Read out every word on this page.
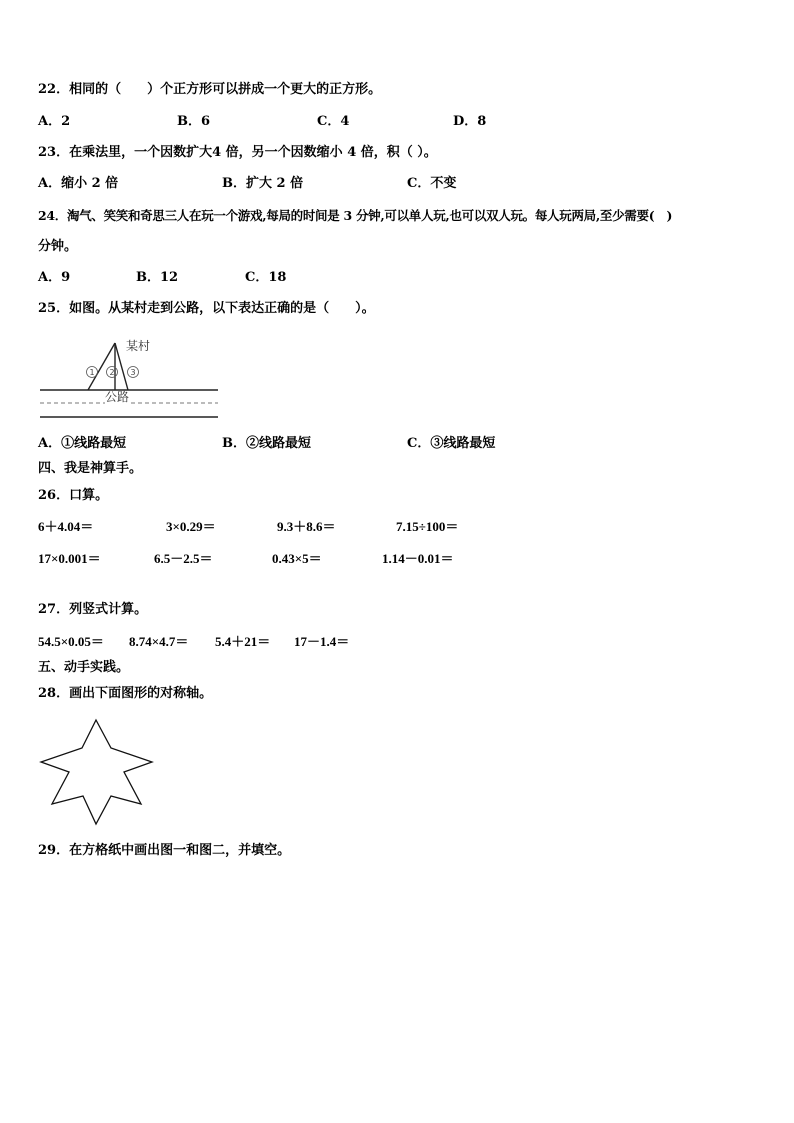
22．相同的（　　）个正方形可以拼成一个更大的正方形。
A．2	B．6	C．4	D．8
23．在乘法里，一个因数扩大4 倍，另一个因数缩小 4 倍，积（ ）。
A．缩小 2 倍	B．扩大 2 倍	C．不变
24．淘气、笑笑和奇思三人在玩一个游戏,每局的时间是 3 分钟,可以单人玩,也可以双人玩。每人玩两局,至少需要(　)
分钟。
A．9	B．12	C．18
25．如图。从某村走到公路，以下表达正确的是（　　）。
1 2 3
某村
公路
A．①线路最短	B．②线路最短	C．③线路最短
四、我是神算手。
26．口算。
6＋4.04＝	3×0.29＝	9.3＋8.6＝	7.15÷100＝
17×0.001＝	6.5－2.5＝	0.43×5＝	1.14－0.01＝
27．列竖式计算。
54.5×0.05＝ 8.74×4.7＝ 5.4＋21＝ 17－1.4＝
五、动手实践。
28．画出下面图形的对称轴。
29．在方格纸中画出图一和图二，并填空。
